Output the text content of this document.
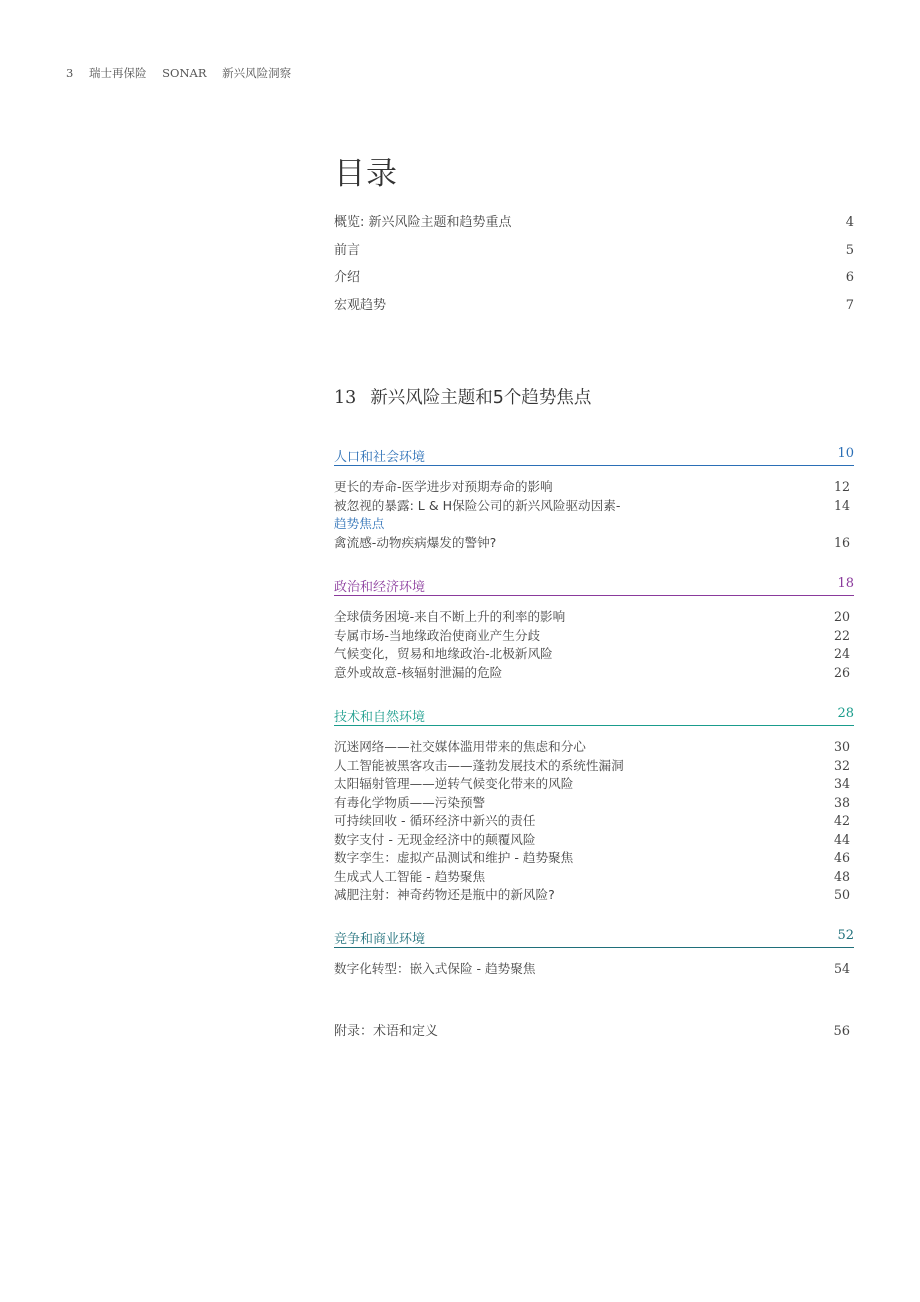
3 瑞士再保险 SONAR 新兴风险洞察
目录
概览: 新兴风险主题和趋势重点	4
前言	5
介绍	6
宏观趋势	7
13 新兴风险主题和5个趋势焦点
人口和社会环境	10
更长的寿命-医学进步对预期寿命的影响	12
被忽视的暴露: L & H保险公司的新兴风险驱动因素-	14
趋势焦点
禽流感-动物疾病爆发的警钟?	16
政治和经济环境	18
全球债务困境-来自不断上升的利率的影响	20
专属市场-当地缘政治使商业产生分歧	22
气候变化，贸易和地缘政治-北极新风险	24
意外或故意-核辐射泄漏的危险	26
技术和自然环境	28
沉迷网络——社交媒体滥用带来的焦虑和分心	30
人工智能被黑客攻击——蓬勃发展技术的系统性漏洞	32
太阳辐射管理——逆转气候变化带来的风险	34
有毒化学物质——污染预警	38
可持续回收 - 循环经济中新兴的责任	42
数字支付 - 无现金经济中的颠覆风险	44
数字孪生：虚拟产品测试和维护 - 趋势聚焦	46
生成式人工智能 - 趋势聚焦	48
减肥注射：神奇药物还是瓶中的新风险?	50
竞争和商业环境	52
数字化转型：嵌入式保险 - 趋势聚焦	54
附录：术语和定义	56
